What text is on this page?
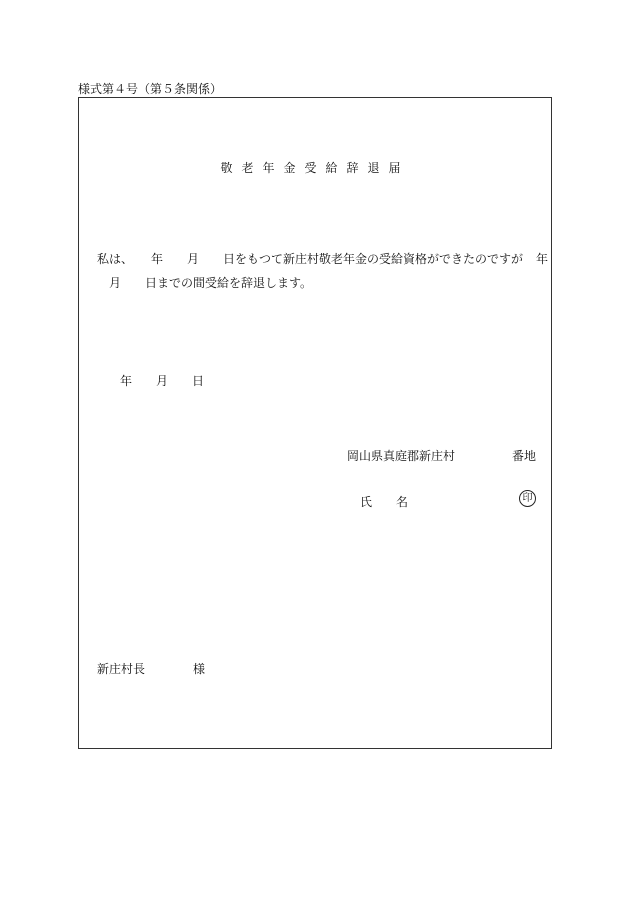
様式第４号（第５条関係）
敬老年金受給辞退届
私は、　　年　　月　　日をもつて新庄村敬老年金の受給資格ができたのですが 年
月　　日までの間受給を辞退します。
年　　月　　日
岡山県真庭郡新庄村	番地
氏　　名	印
新庄村長　　　　様
